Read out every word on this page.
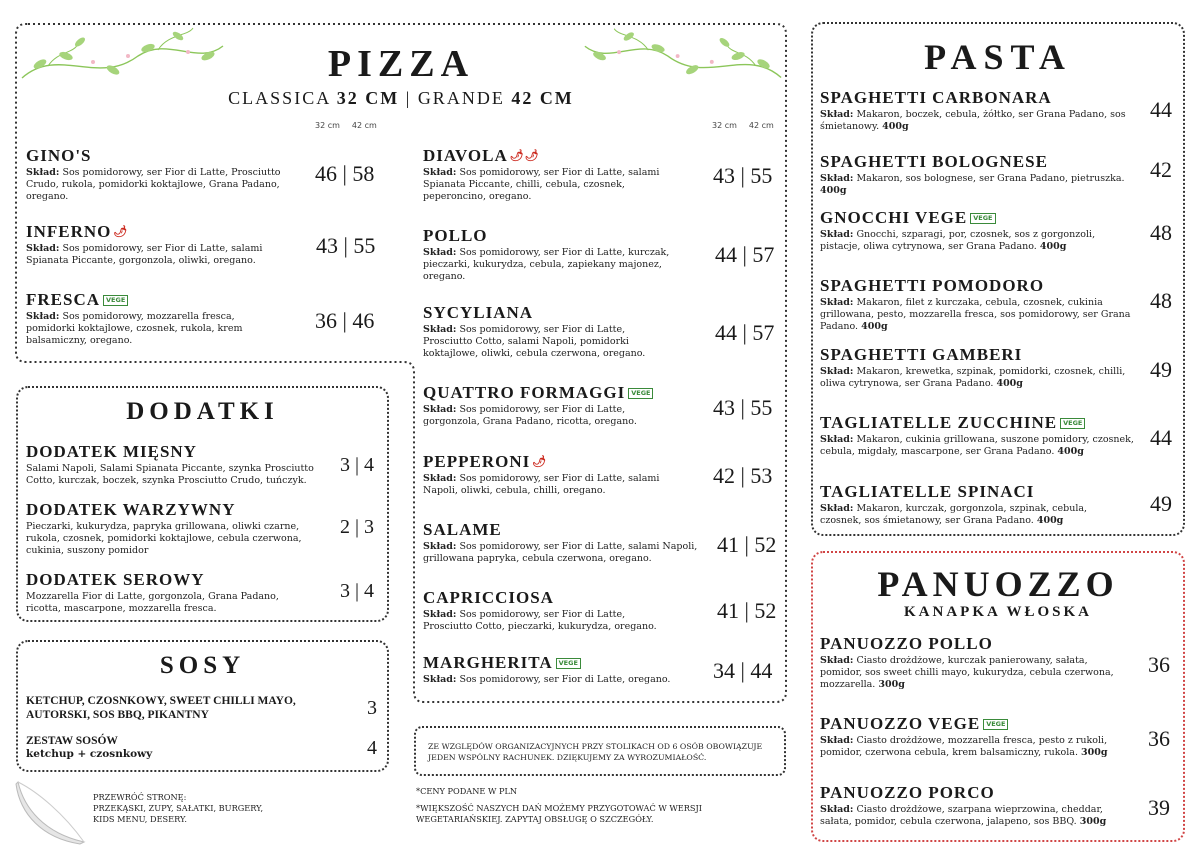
PIZZA
CLASSICA 32 CM | GRANDE 42 CM
32 cm 42 cm	32 cm 42 cm
GINO'S
Skład: Sos pomidorowy, ser Fior di Latte, Prosciutto Crudo, rukola, pomidorki koktajlowe, Grana Padano, oregano.
46 | 58
INFERNO 🌶
Skład: Sos pomidorowy, ser Fior di Latte, salami Spianata Piccante, gorgonzola, oliwki, oregano.
43 | 55
FRESCA VEGE
Skład: Sos pomidorowy, mozzarella fresca, pomidorki koktajlowe, czosnek, rukola, krem balsamiczny, oregano.
36 | 46
DIAVOLA 🌶🌶
Skład: Sos pomidorowy, ser Fior di Latte, salami Spianata Piccante, chilli, cebula, czosnek, peperoncino, oregano.
43 | 55
POLLO
Skład: Sos pomidorowy, ser Fior di Latte, kurczak, pieczarki, kukurydza, cebula, zapiekany majonez, oregano.
44 | 57
SYCYLIANA
Skład: Sos pomidorowy, ser Fior di Latte, Prosciutto Cotto, salami Napoli, pomidorki koktajlowe, oliwki, cebula czerwona, oregano.
44 | 57
QUATTRO FORMAGGI VEGE
Skład: Sos pomidorowy, ser Fior di Latte, gorgonzola, Grana Padano, ricotta, oregano.
43 | 55
PEPPERONI 🌶
Skład: Sos pomidorowy, ser Fior di Latte, salami Napoli, oliwki, cebula, chilli, oregano.
42 | 53
SALAME
Skład: Sos pomidorowy, ser Fior di Latte, salami Napoli, grillowana papryka, cebula czerwona, oregano.
41 | 52
CAPRICCIOSA
Skład: Sos pomidorowy, ser Fior di Latte, Prosciutto Cotto, pieczarki, kukurydza, oregano.
41 | 52
MARGHERITA VEGE
Skład: Sos pomidorowy, ser Fior di Latte, oregano.	34 | 44
DODATKI
DODATEK MIĘSNY
Salami Napoli, Salami Spianata Piccante, szynka Prosciutto Cotto, kurczak, boczek, szynka Prosciutto Crudo, tuńczyk.
3 | 4
DODATEK WARZYWNY
Pieczarki, kukurydza, papryka grillowana, oliwki czarne, rukola, czosnek, pomidorki koktajlowe, cebula czerwona, cukinia, suszony pomidor
2 | 3
DODATEK SEROWY
Mozzarella Fior di Latte, gorgonzola, Grana Padano, ricotta, mascarpone, mozzarella fresca.
3 | 4
SOSY
KETCHUP, CZOSNKOWY, SWEET CHILLI MAYO, AUTORSKI, SOS BBQ, PIKANTNY	3
ZESTAW SOSÓW
ketchup + czosnkowy	4
PRZEWRÓĆ STRONĘ:
PRZEKĄSKI, ZUPY, SAŁATKI, BURGERY,
KIDS MENU, DESERY.
ZE WZGLĘDÓW ORGANIZACYJNYCH PRZY STOLIKACH OD 6 OSÓB OBOWIĄZUJE JEDEN WSPÓLNY RACHUNEK. DZIĘKUJEMY ZA WYROZUMIAŁOŚĆ.
*CENY PODANE W PLN
*WIĘKSZOŚĆ NASZYCH DAŃ MOŻEMY PRZYGOTOWAĆ W WERSJI WEGETARIAŃSKIEJ. ZAPYTAJ OBSŁUGĘ O SZCZEGÓŁY.
PASTA
SPAGHETTI CARBONARA
Skład: Makaron, boczek, cebula, żółtko, ser Grana Padano, sos śmietanowy. 400g
44
SPAGHETTI BOLOGNESE
Skład: Makaron, sos bolognese, ser Grana Padano, pietruszka. 400g
42
GNOCCHI VEGE VEGE
Skład: Gnocchi, szparagi, por, czosnek, sos z gorgonzoli, pistacje, oliwa cytrynowa, ser Grana Padano. 400g
48
SPAGHETTI POMODORO
Skład: Makaron, filet z kurczaka, cebula, czosnek, cukinia grillowana, pesto, mozzarella fresca, sos pomidorowy, ser Grana Padano. 400g
48
SPAGHETTI GAMBERI
Skład: Makaron, krewetka, szpinak, pomidorki, czosnek, chilli, oliwa cytrynowa, ser Grana Padano. 400g
49
TAGLIATELLE ZUCCHINE VEGE
Skład: Makaron, cukinia grillowana, suszone pomidory, czosnek, cebula, migdały, mascarpone, ser Grana Padano. 400g
44
TAGLIATELLE SPINACI
Skład: Makaron, kurczak, gorgonzola, szpinak, cebula, czosnek, sos śmietanowy, ser Grana Padano. 400g
49
PANUOZZO
KANAPKA WŁOSKA
PANUOZZO POLLO
Skład: Ciasto drożdżowe, kurczak panierowany, sałata, pomidor, sos sweet chilli mayo, kukurydza, cebula czerwona, mozzarella. 300g
36
PANUOZZO VEGE VEGE
Skład: Ciasto drożdżowe, mozzarella fresca, pesto z rukoli, pomidor, czerwona cebula, krem balsamiczny, rukola. 300g
36
PANUOZZO PORCO
Skład: Ciasto drożdżowe, szarpana wieprzowina, cheddar, sałata, pomidor, cebula czerwona, jalapeno, sos BBQ. 300g
39
